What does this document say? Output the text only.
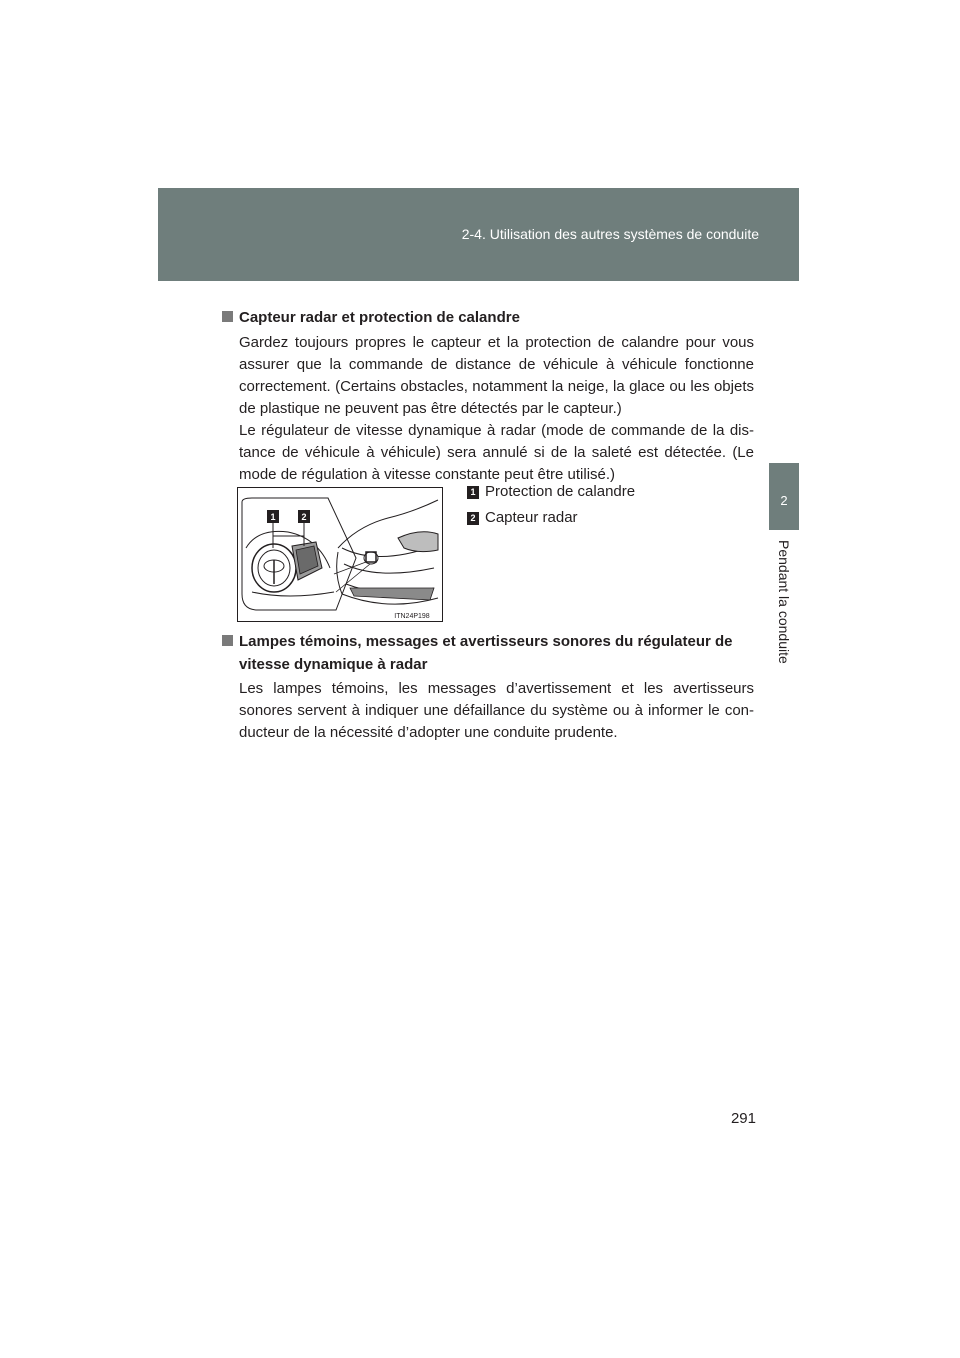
2-4. Utilisation des autres systèmes de conduite
2
Pendant la conduite
Capteur radar et protection de calandre

Gardez toujours propres le capteur et la protection de calandre pour vous assurer que la commande de distance de véhicule à véhicule fonctionne correctement. (Certains obstacles, notamment la neige, la glace ou les objets de plastique ne peuvent pas être détectés par le capteur.)

Le régulateur de vitesse dynamique à radar (mode de commande de la dis-tance de véhicule à véhicule) sera annulé si de la saleté est détectée. (Le mode de régulation à vitesse constante peut être utilisé.)

1	2
ITN24P198
1 Protection de calandre
2 Capteur radar
Lampes témoins, messages et avertisseurs sonores du régulateur de vitesse dynamique à radar

Les lampes témoins, les messages d’avertissement et les avertisseurs sonores servent à indiquer une défaillance du système ou à informer le con-ducteur de la nécessité d’adopter une conduite prudente.

291
